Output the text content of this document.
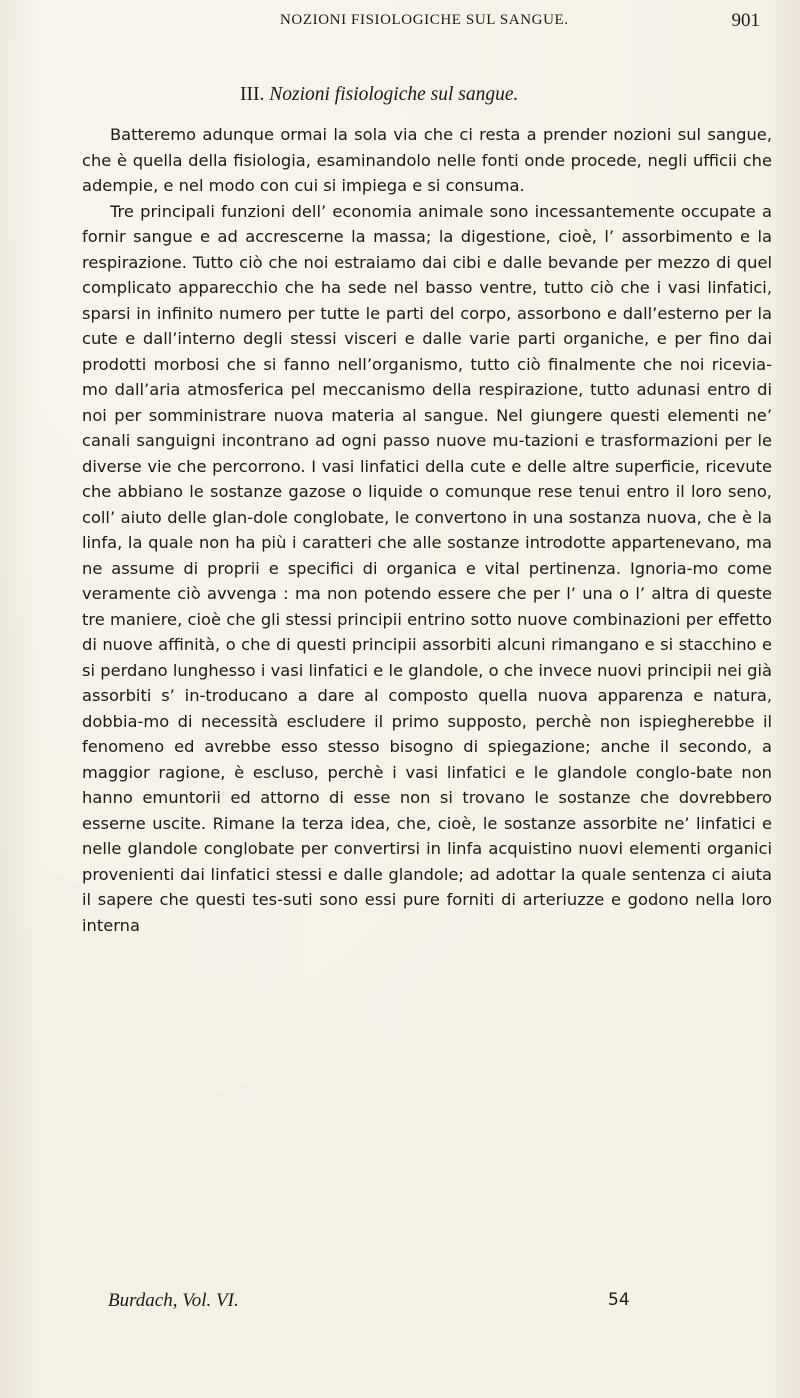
NOZIONI FISIOLOGICHE SUL SANGUE.	901
III. Nozioni fisiologiche sul sangue.

Batteremo adunque ormai la sola via che ci resta a prender nozioni sul sangue, che è quella della fisiologia, esaminandolo nelle fonti onde procede, negli ufficii che adempie, e nel modo con cui si impiega e si consuma.

Tre principali funzioni dell’ economia animale sono incessantemente occupate a fornir sangue e ad accrescerne la massa; la digestione, cioè, l’ assorbimento e la respirazione. Tutto ciò che noi estraiamo dai cibi e dalle bevande per mezzo di quel complicato apparecchio che ha sede nel basso ventre, tutto ciò che i vasi linfatici, sparsi in infinito numero per tutte le parti del corpo, assorbono e dall’esterno per la cute e dall’interno degli stessi visceri e dalle varie parti organiche, e per fino dai prodotti morbosi che si fanno nell’organismo, tutto ciò finalmente che noi ricevia-mo dall’aria atmosferica pel meccanismo della respirazione, tutto adunasi entro di noi per somministrare nuova materia al sangue. Nel giungere questi elementi ne’ canali sanguigni incontrano ad ogni passo nuove mu-tazioni e trasformazioni per le diverse vie che percorrono. I vasi linfatici della cute e delle altre superficie, ricevute che abbiano le sostanze gazose o liquide o comunque rese tenui entro il loro seno, coll’ aiuto delle glan-dole conglobate, le convertono in una sostanza nuova, che è la linfa, la quale non ha più i caratteri che alle sostanze introdotte appartenevano, ma ne assume di proprii e specifici di organica e vital pertinenza. Ignoria-mo come veramente ciò avvenga : ma non potendo essere che per l’ una o l’ altra di queste tre maniere, cioè che gli stessi principii entrino sotto nuove combinazioni per effetto di nuove affinità, o che di questi principii assorbiti alcuni rimangano e si stacchino e si perdano lunghesso i vasi linfatici e le glandole, o che invece nuovi principii nei già assorbiti s’ in-troducano a dare al composto quella nuova apparenza e natura, dobbia-mo di necessità escludere il primo supposto, perchè non ispiegherebbe il fenomeno ed avrebbe esso stesso bisogno di spiegazione; anche il secondo, a maggior ragione, è escluso, perchè i vasi linfatici e le glandole conglo-bate non hanno emuntorii ed attorno di esse non si trovano le sostanze che dovrebbero esserne uscite. Rimane la terza idea, che, cioè, le sostanze assorbite ne’ linfatici e nelle glandole conglobate per convertirsi in linfa acquistino nuovi elementi organici provenienti dai linfatici stessi e dalle glandole; ad adottar la quale sentenza ci aiuta il sapere che questi tes-suti sono essi pure forniti di arteriuzze e godono nella loro interna

Burdach, Vol. VI.	54
